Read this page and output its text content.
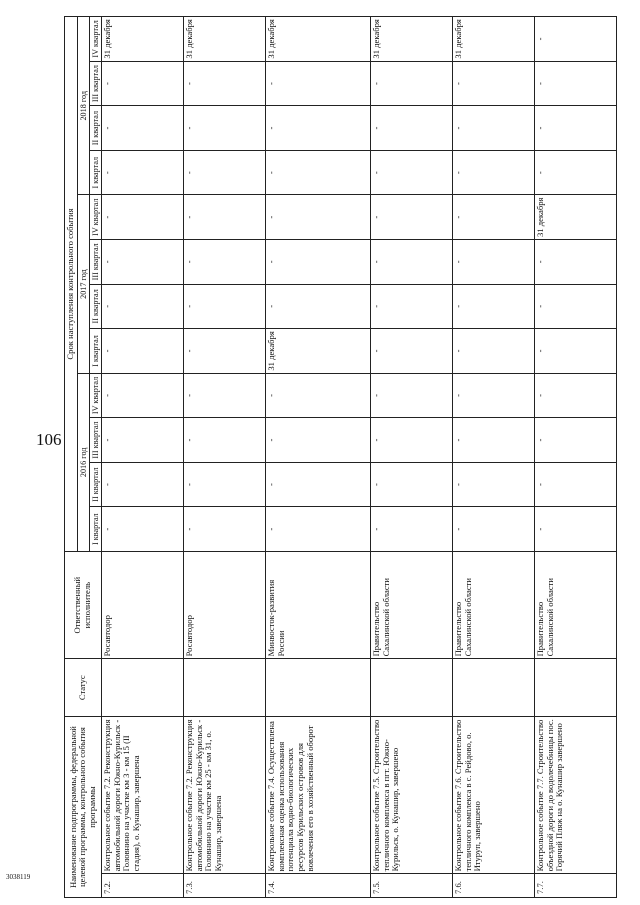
106
Наименование подпрограммы, федеральной целевой программы, контрольного события программы		Статус	Ответственный исполнитель	Срок наступления контрольного события											
				2016 год				2017 год				2018 год			
				I квартал	II квартал	III квартал	IV квартал	I квартал	II квартал	III квартал	IV квартал	I квартал	II квартал	III квартал	IV квартал
7.2.	Контрольное событие 7.2. Реконструкция автомобильной дороги Южно-Курильск - Головнино на участке км 3 - км 15 (II стадия), о. Кунашир, завершена		Росавтодор	-	-	-	-	-	-	-	-	-	-	-	31 декабря
7.3.	Контрольное событие 7.2. Реконструкция автомобильной дороги Южно-Курильск - Головнино на участке км 25 - км 31, о. Кунашир, завершена		Росавтодор	-	-	-	-	-	-	-	-	-	-	-	31 декабря
7.4.	Контрольное событие 7.4. Осуществлена комплексная оценка использования потенциала водно-биологических ресурсов Курильских островов для вовлечения его в хозяйственный оборот		Минвосток-развития России	-	-	-	-	31 декабря	-	-	-	-	-	-	31 декабря
7.5.	Контрольное событие 7.5. Строительство тепличного комплекса в пгт. Южно-Курильск, о. Кунашир, завершено		Правительство Сахалинской области	-	-	-	-	-	-	-	-	-	-	-	31 декабря
7.6.	Контрольное событие 7.6. Строительство тепличного комплекса в с. Рейдово, о. Итуруп, завершено		Правительство Сахалинской области	-	-	-	-	-	-	-	-	-	-	-	31 декабря
7.7.	Контрольное событие 7.7. Строительство объездной дороги до водолечебницы пос. Горячий Пляж на о. Кунашир завершено		Правительство Сахалинской области	-	-	-	-	-	-	-	31 декабря	-	-	-	-
3038119
